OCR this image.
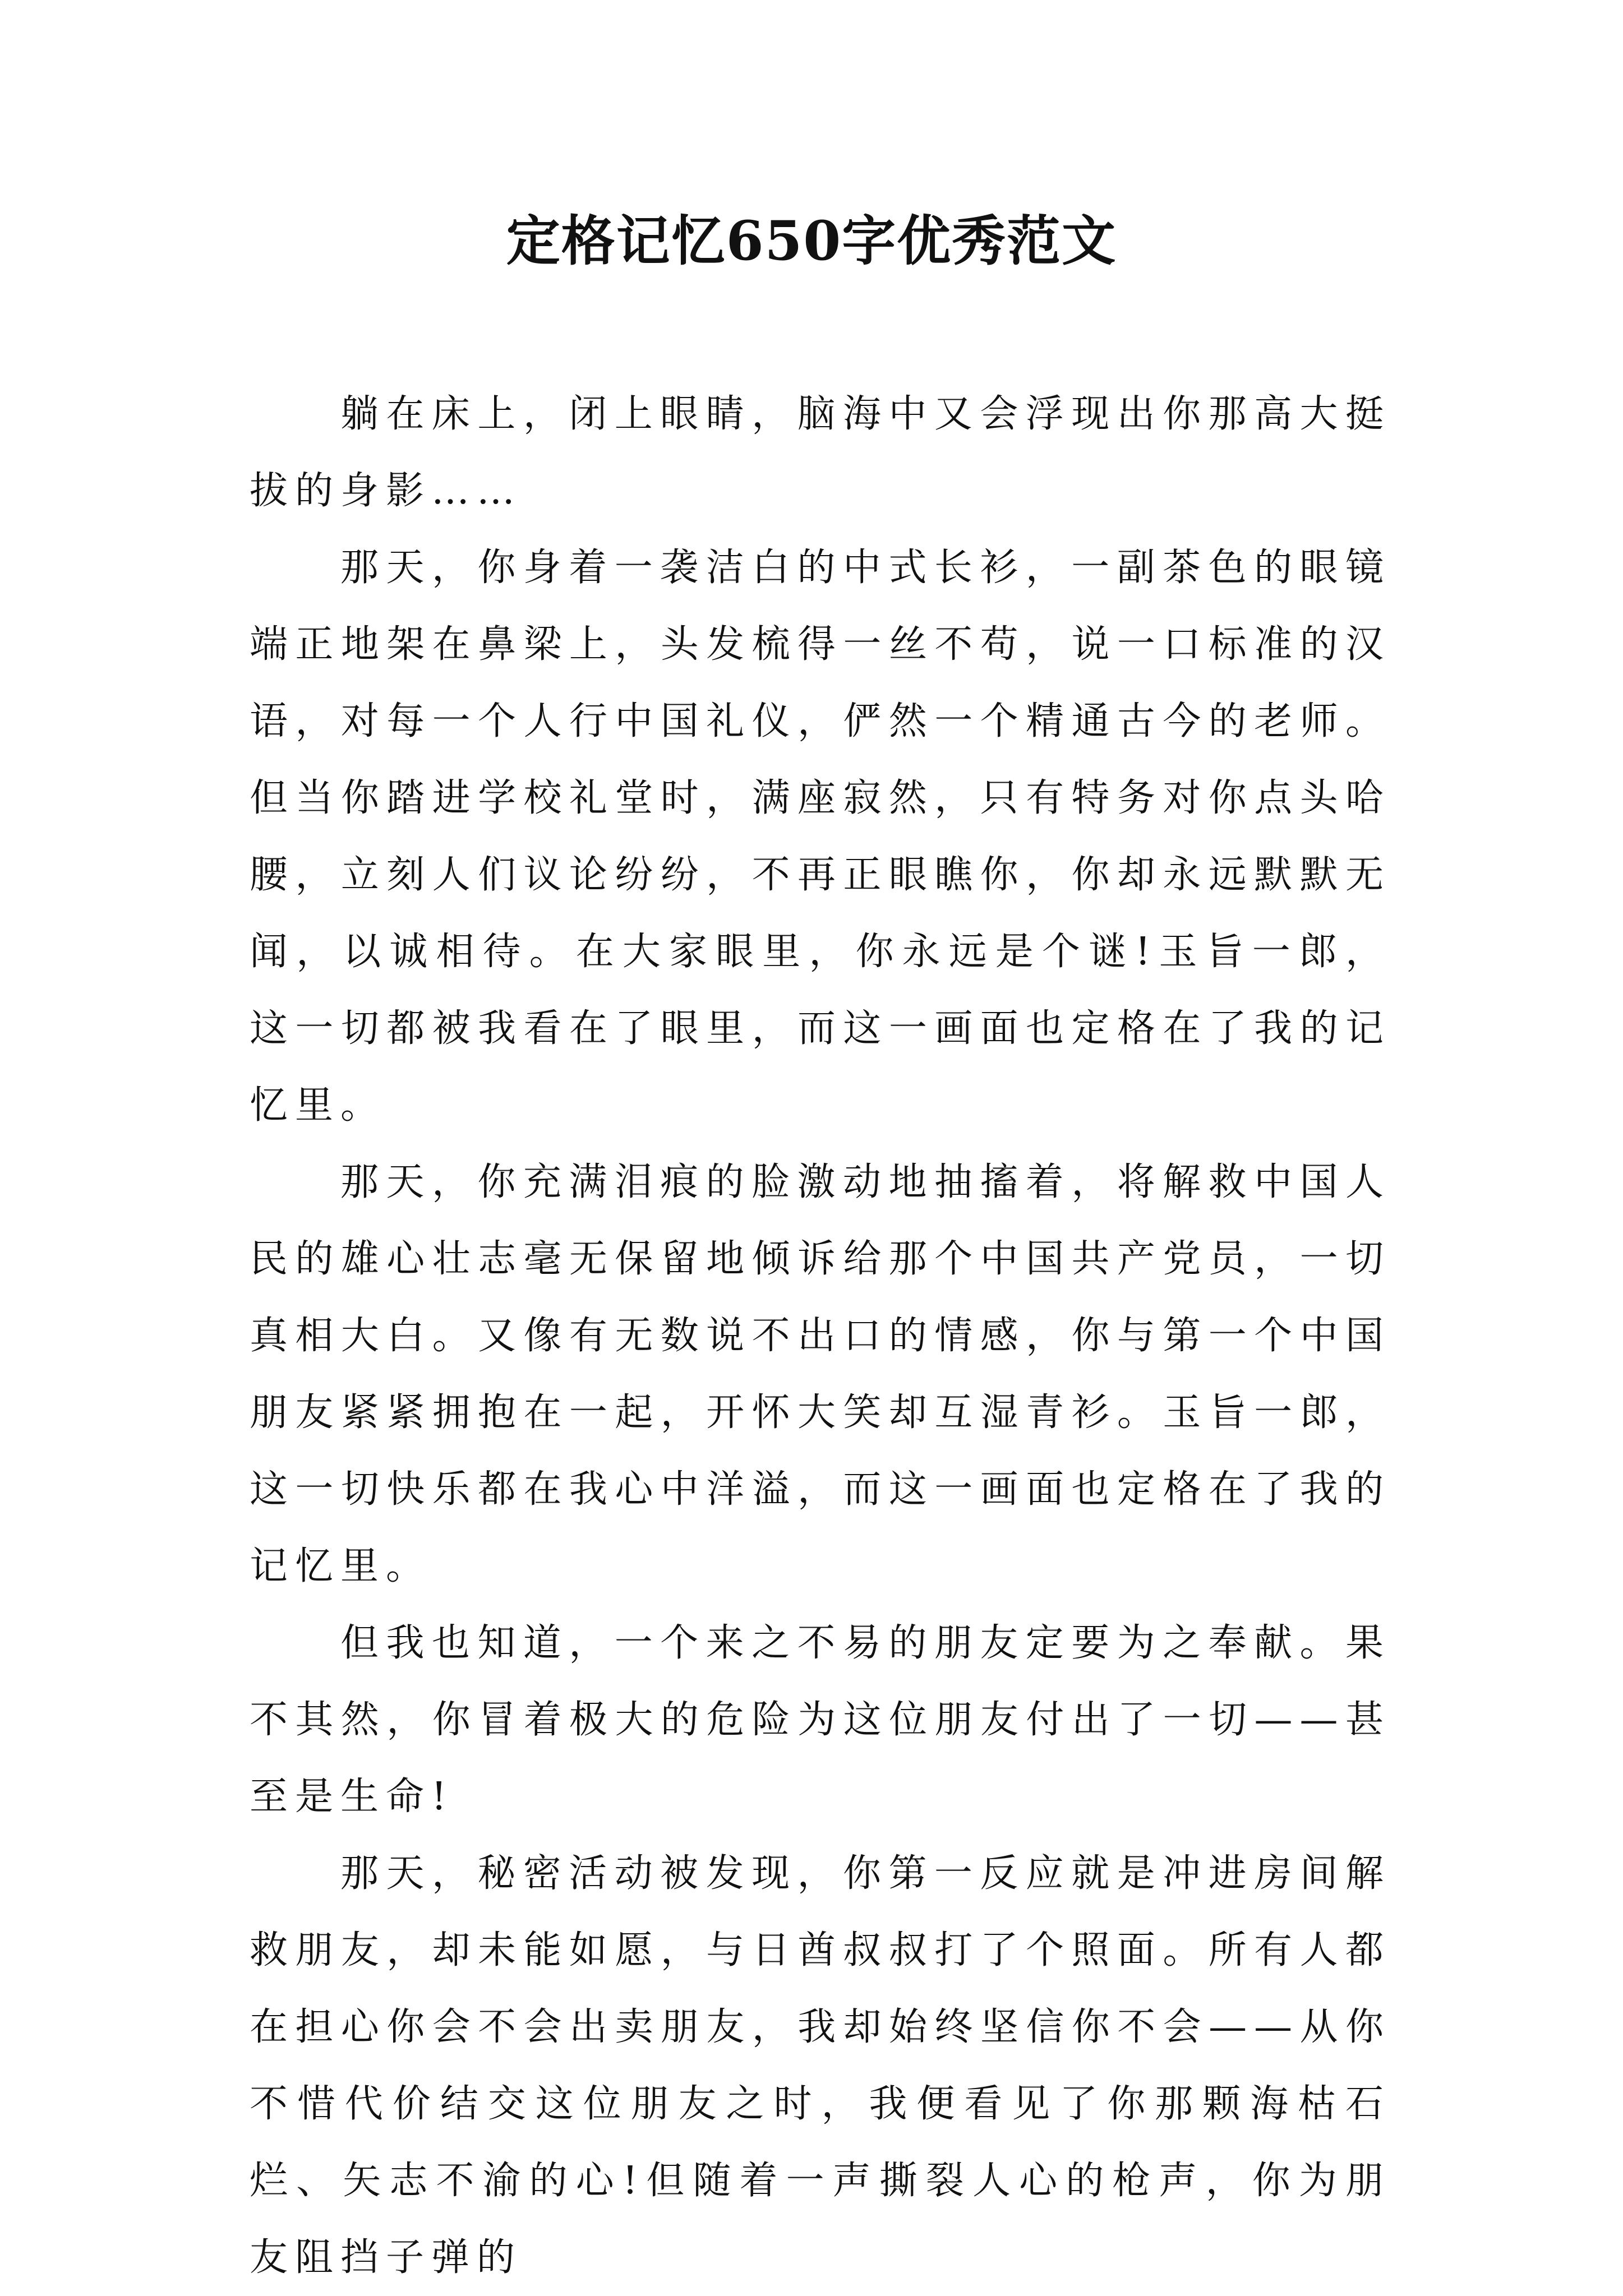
定格记忆650字优秀范文

躺在床上，闭上眼睛，脑海中又会浮现出你那高大挺拔的身影……

那天，你身着一袭洁白的中式长衫，一副茶色的眼镜端正地架在鼻梁上，头发梳得一丝不苟，说一口标准的汉语，对每一个人行中国礼仪，俨然一个精通古今的老师。但当你踏进学校礼堂时，满座寂然，只有特务对你点头哈腰，立刻人们议论纷纷，不再正眼瞧你，你却永远默默无闻，以诚相待。在大家眼里，你永远是个谜!玉旨一郎，这一切都被我看在了眼里，而这一画面也定格在了我的记忆里。

那天，你充满泪痕的脸激动地抽搐着，将解救中国人民的雄心壮志毫无保留地倾诉给那个中国共产党员，一切真相大白。又像有无数说不出口的情感，你与第一个中国朋友紧紧拥抱在一起，开怀大笑却互湿青衫。玉旨一郎，这一切快乐都在我心中洋溢，而这一画面也定格在了我的记忆里。

但我也知道，一个来之不易的朋友定要为之奉献。果不其然，你冒着极大的危险为这位朋友付出了一切——甚至是生命!

那天，秘密活动被发现，你第一反应就是冲进房间解救朋友，却未能如愿，与日酋叔叔打了个照面。所有人都在担心你会不会出卖朋友，我却始终坚信你不会——从你不惜代价结交这位朋友之时，我便看见了你那颗海枯石烂、矢志不渝的心!但随着一声撕裂人心的枪声，你为朋友阻挡子弹的
